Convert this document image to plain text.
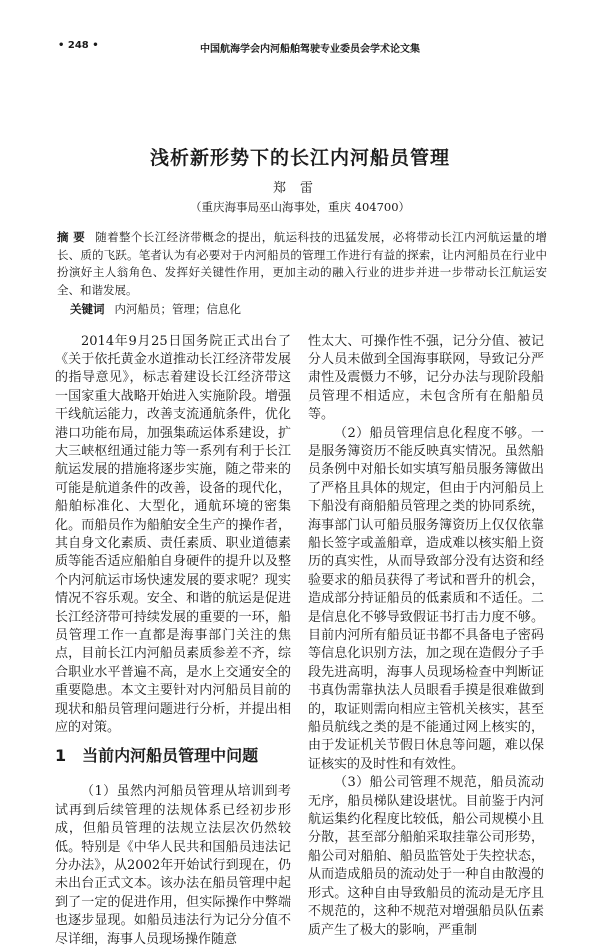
• 248 •	中国航海学会内河船舶驾驶专业委员会学术论文集
浅析新形势下的长江内河船员管理
郑雷
（重庆海事局巫山海事处，重庆 404700）
摘 要 随着整个长江经济带概念的提出，航运科技的迅猛发展，必将带动长江内河航运量的增长、质的飞跃。笔者认为有必要对于内河船员的管理工作进行有益的探索，让内河船员在行业中扮演好主人翁角色、发挥好关键性作用，更加主动的融入行业的进步并进一步带动长江航运安全、和谐发展。
关键词 内河船员；管理；信息化

2014年9月25日国务院正式出台了《关于依托黄金水道推动长江经济带发展的指导意见》，标志着建设长江经济带这一国家重大战略开始进入实施阶段。增强干线航运能力，改善支流通航条件，优化港口功能布局，加强集疏运体系建设，扩大三峡枢纽通过能力等一系列有利于长江航运发展的措施将逐步实施，随之带来的可能是航道条件的改善，设备的现代化，船舶标准化、大型化，通航环境的密集化。而船员作为船舶安全生产的操作者，其自身文化素质、责任素质、职业道德素质等能否适应船舶自身硬件的提升以及整个内河航运市场快速发展的要求呢？现实情况不容乐观。安全、和谐的航运是促进长江经济带可持续发展的重要的一环，船员管理工作一直都是海事部门关注的焦点，目前长江内河船员素质参差不齐，综合职业水平普遍不高，是水上交通安全的重要隐患。本文主要针对内河船员目前的现状和船员管理问题进行分析，并提出相应的对策。

1 当前内河船员管理中问题

（1）虽然内河船员管理从培训到考试再到后续管理的法规体系已经初步形成，但船员管理的法规立法层次仍然较低。特别是《中华人民共和国船员违法记分办法》，从2002年开始试行到现在，仍未出台正式文本。该办法在船员管理中起到了一定的促进作用，但实际操作中弊端也逐步显现。如船员违法行为记分分值不尽详细，海事人员现场操作随意

性太大、可操作性不强，记分分值、被记分人员未做到全国海事联网，导致记分严肃性及震慑力不够，记分办法与现阶段船员管理不相适应，未包含所有在船船员等。

（2）船员管理信息化程度不够。一是服务簿资历不能反映真实情况。虽然船员条例中对船长如实填写船员服务簿做出了严格且具体的规定，但由于内河船员上下船没有商船船员管理之类的协同系统，海事部门认可船员服务簿资历上仅仅依靠船长签字或盖船章，造成难以核实船上资历的真实性，从而导致部分没有达资和经验要求的船员获得了考试和晋升的机会，造成部分持证船员的低素质和不适任。二是信息化不够导致假证书打击力度不够。目前内河所有船员证书都不具备电子密码等信息化识别方法，加之现在造假分子手段先进高明，海事人员现场检查中判断证书真伪需靠执法人员眼看手摸是很难做到的，取证则需向相应主管机关核实，甚至船员航线之类的是不能通过网上核实的，由于发证机关节假日休息等问题，难以保证核实的及时性和有效性。

（3）船公司管理不规范，船员流动无序，船员梯队建设堪忧。目前鉴于内河航运集约化程度比较低，船公司规模小且分散，甚至部分船舶采取挂靠公司形势，船公司对船舶、船员监管处于失控状态，从而造成船员的流动处于一种自由散漫的形式。这种自由导致船员的流动是无序且不规范的，这种不规范对增强船员队伍素质产生了极大的影响，严重制
